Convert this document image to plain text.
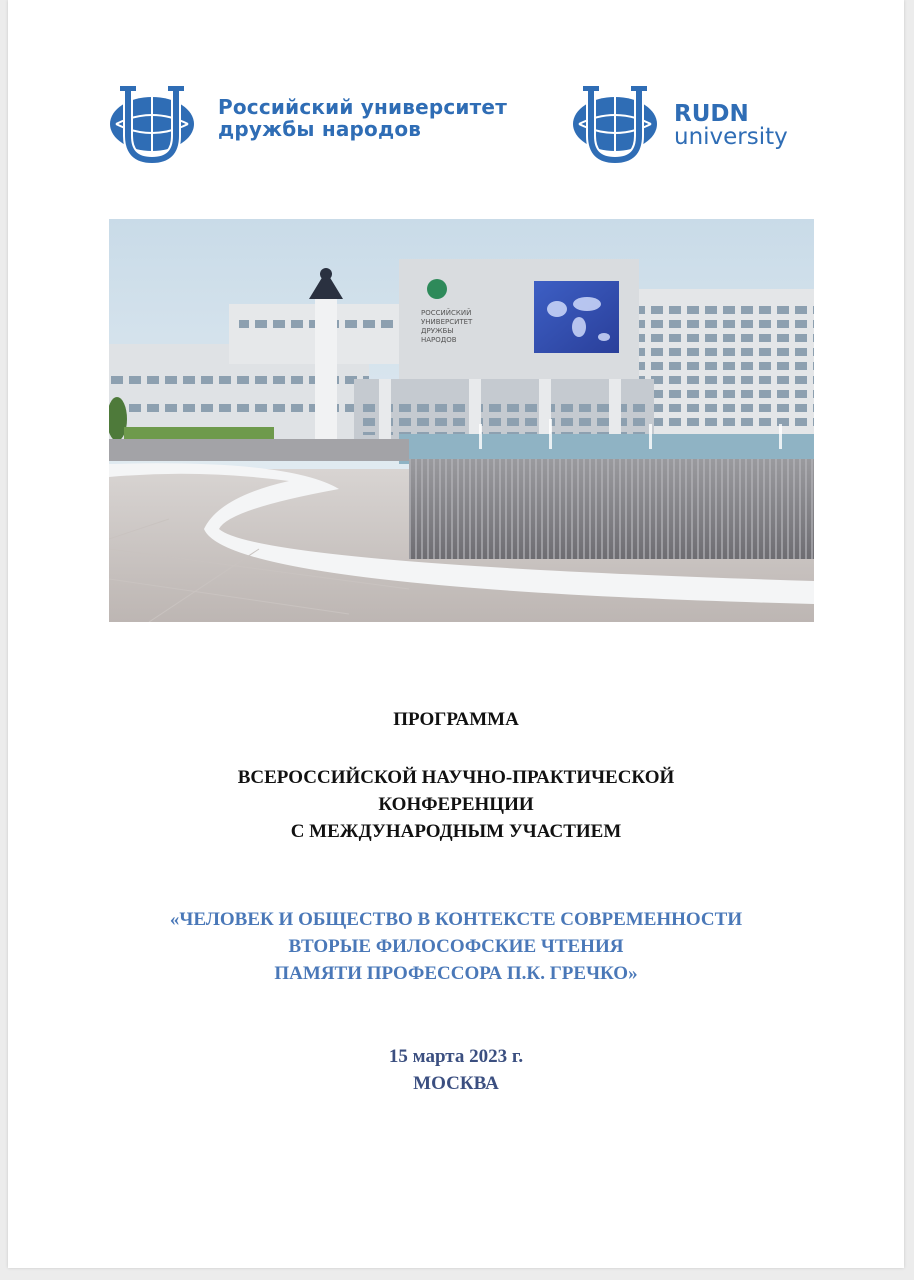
Российский университет
дружбы народов
RUDN
university
РОССИЙСКИЙ
УНИВЕРСИТЕТ
ДРУЖБЫ
НАРОДОВ
ПРОГРАММА
ВСЕРОССИЙСКОЙ НАУЧНО-ПРАКТИЧЕСКОЙ
КОНФЕРЕНЦИИ
С МЕЖДУНАРОДНЫМ УЧАСТИЕМ
«ЧЕЛОВЕК И ОБЩЕСТВО В КОНТЕКСТЕ СОВРЕМЕННОСТИ
ВТОРЫЕ ФИЛОСОФСКИЕ ЧТЕНИЯ
ПАМЯТИ ПРОФЕССОРА П.К. ГРЕЧКО»
15 марта 2023 г.
МОСКВА
